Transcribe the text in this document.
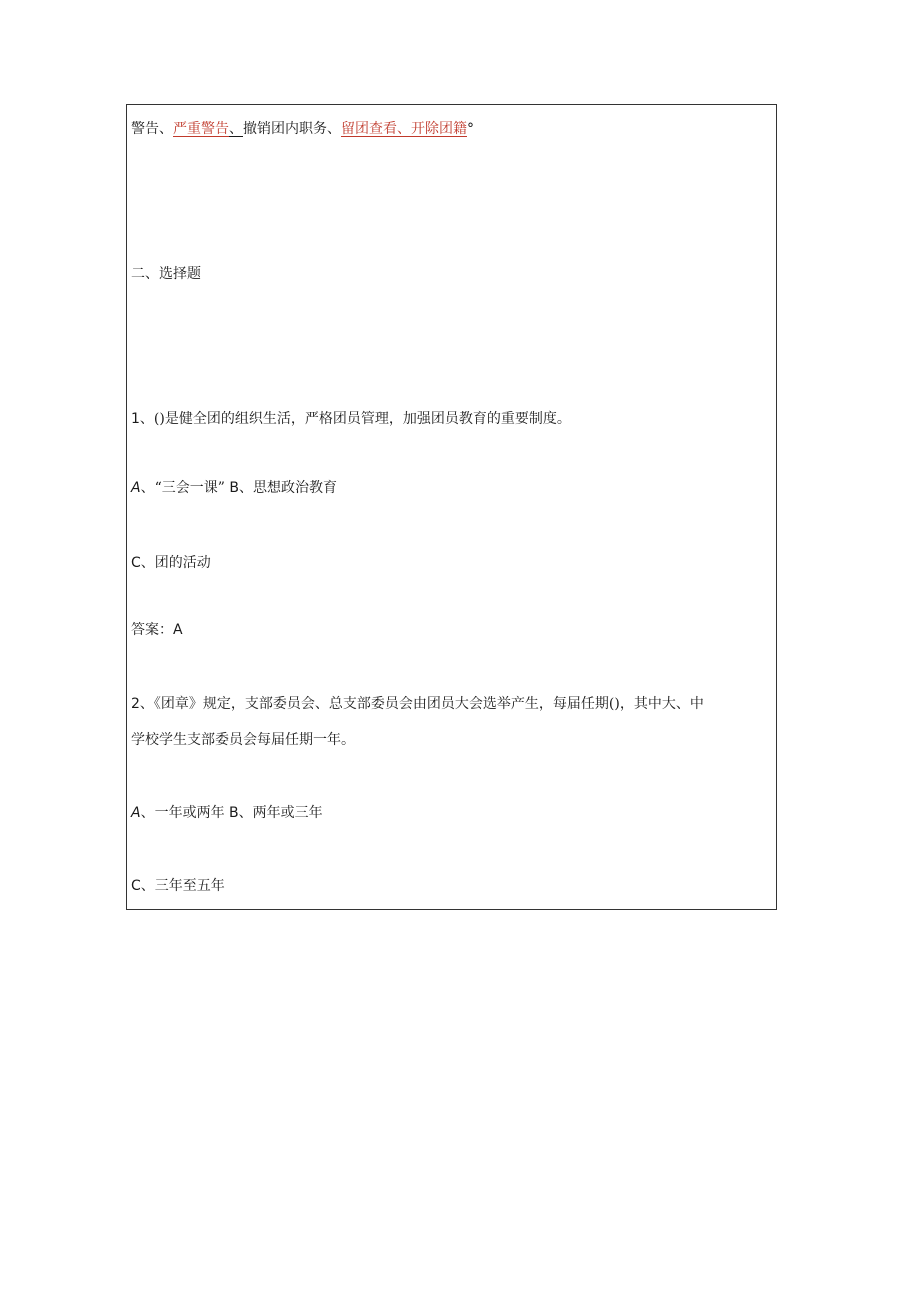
警告、严重警告、撤销团内职务、留团查看、开除团籍°
二、选择题
1、()是健全团的组织生活，严格团员管理，加强团员教育的重要制度。
A、“三会一课” B、思想政治教育
C、团的活动
答案：A
2、《团章》规定，支部委员会、总支部委员会由团员大会选举产生，每届任期()，其中大、中
学校学生支部委员会每届任期一年。
A、一年或两年 B、两年或三年
C、三年至五年
